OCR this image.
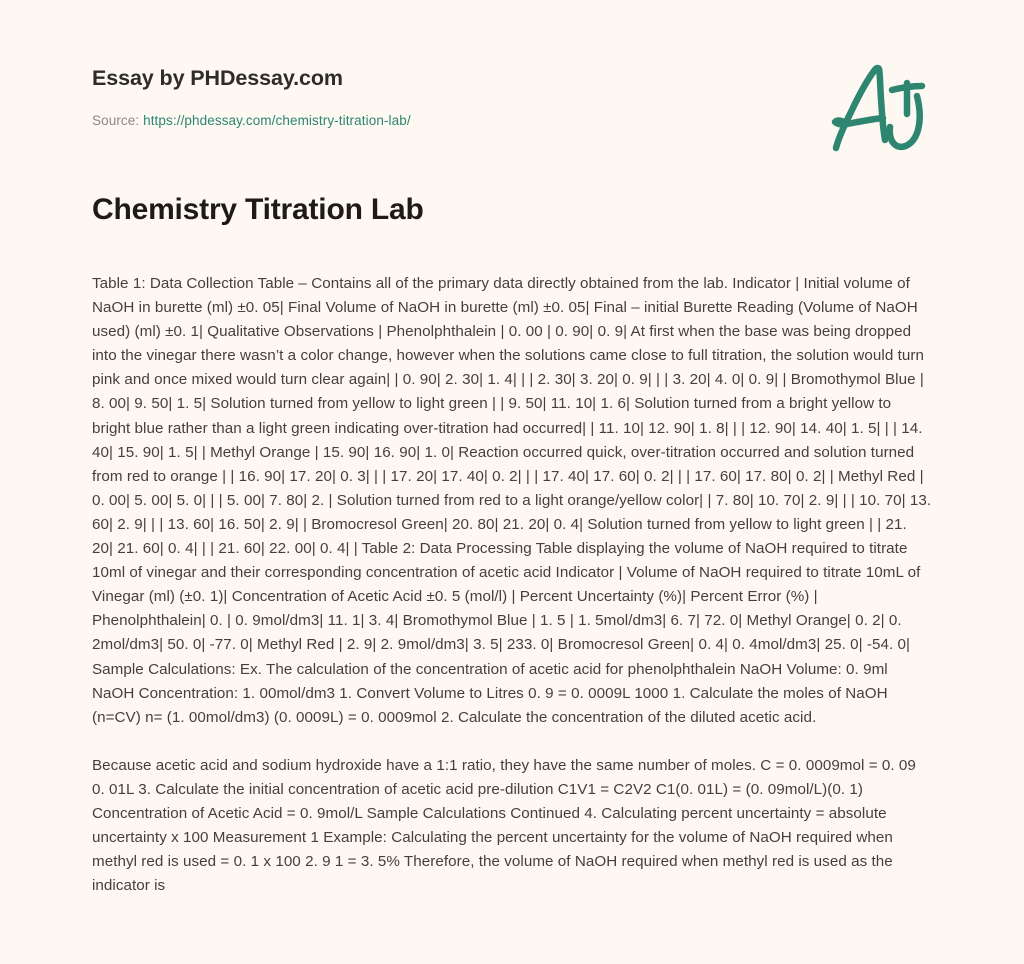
Essay by PHDessay.com

Source: https://phdessay.com/chemistry-titration-lab/

Chemistry Titration Lab

Table 1: Data Collection Table – Contains all of the primary data directly obtained from the lab. Indicator | Initial volume of NaOH in burette (ml) ±0. 05| Final Volume of NaOH in burette (ml) ±0. 05| Final – initial Burette Reading (Volume of NaOH used) (ml) ±0. 1| Qualitative Observations | Phenolphthalein | 0. 00 | 0. 90| 0. 9| At first when the base was being dropped into the vinegar there wasn’t a color change, however when the solutions came close to full titration, the solution would turn pink and once mixed would turn clear again| | 0. 90| 2. 30| 1. 4| | | 2. 30| 3. 20| 0. 9| | | 3. 20| 4. 0| 0. 9| | Bromothymol Blue | 8. 00| 9. 50| 1. 5| Solution turned from yellow to light green | | 9. 50| 11. 10| 1. 6| Solution turned from a bright yellow to bright blue rather than a light green indicating over-titration had occurred| | 11. 10| 12. 90| 1. 8| | | 12. 90| 14. 40| 1. 5| | | 14. 40| 15. 90| 1. 5| | Methyl Orange | 15. 90| 16. 90| 1. 0| Reaction occurred quick, over-titration occurred and solution turned from red to orange | | 16. 90| 17. 20| 0. 3| | | 17. 20| 17. 40| 0. 2| | | 17. 40| 17. 60| 0. 2| | | 17. 60| 17. 80| 0. 2| | Methyl Red | 0. 00| 5. 00| 5. 0| | | 5. 00| 7. 80| 2. | Solution turned from red to a light orange/yellow color| | 7. 80| 10. 70| 2. 9| | | 10. 70| 13. 60| 2. 9| | | 13. 60| 16. 50| 2. 9| | Bromocresol Green| 20. 80| 21. 20| 0. 4| Solution turned from yellow to light green | | 21. 20| 21. 60| 0. 4| | | 21. 60| 22. 00| 0. 4| | Table 2: Data Processing Table displaying the volume of NaOH required to titrate 10ml of vinegar and their corresponding concentration of acetic acid Indicator | Volume of NaOH required to titrate 10mL of Vinegar (ml) (±0. 1)| Concentration of Acetic Acid ±0. 5 (mol/l) | Percent Uncertainty (%)| Percent Error (%) | Phenolphthalein| 0. | 0. 9mol/dm3| 11. 1| 3. 4| Bromothymol Blue | 1. 5 | 1. 5mol/dm3| 6. 7| 72. 0| Methyl Orange| 0. 2| 0. 2mol/dm3| 50. 0| -77. 0| Methyl Red | 2. 9| 2. 9mol/dm3| 3. 5| 233. 0| Bromocresol Green| 0. 4| 0. 4mol/dm3| 25. 0| -54. 0| Sample Calculations: Ex. The calculation of the concentration of acetic acid for phenolphthalein NaOH Volume: 0. 9ml NaOH Concentration: 1. 00mol/dm3 1. Convert Volume to Litres 0. 9 = 0. 0009L 1000 1. Calculate the moles of NaOH (n=CV) n= (1. 00mol/dm3) (0. 0009L) = 0. 0009mol 2. Calculate the concentration of the diluted acetic acid.

Because acetic acid and sodium hydroxide have a 1:1 ratio, they have the same number of moles. C = 0. 0009mol = 0. 09 0. 01L 3. Calculate the initial concentration of acetic acid pre-dilution C1V1 = C2V2 C1(0. 01L) = (0. 09mol/L)(0. 1) Concentration of Acetic Acid = 0. 9mol/L Sample Calculations Continued 4. Calculating percent uncertainty = absolute uncertainty x 100 Measurement 1 Example: Calculating the percent uncertainty for the volume of NaOH required when methyl red is used = 0. 1 x 100 2. 9 1 = 3. 5% Therefore, the volume of NaOH required when methyl red is used as the indicator is
